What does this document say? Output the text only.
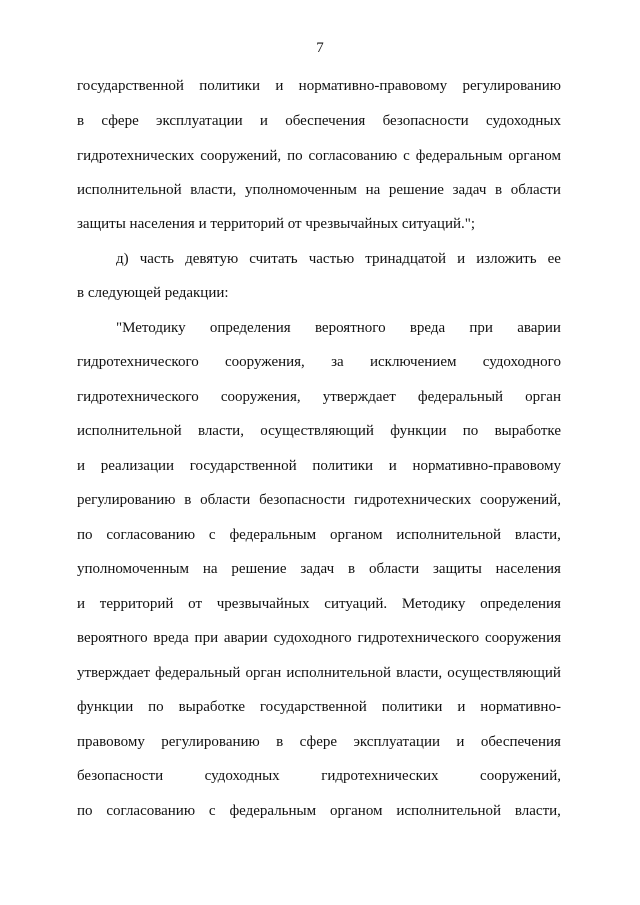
7
государственной политики и нормативно-правовому регулированию
в сфере эксплуатации и обеспечения безопасности судоходных
гидротехнических сооружений, по согласованию с федеральным органом
исполнительной власти, уполномоченным на решение задач в области
защиты населения и территорий от чрезвычайных ситуаций.";
д) часть девятую считать частью тринадцатой и изложить ее
в следующей редакции:
"Методику определения вероятного вреда при аварии
гидротехнического сооружения, за исключением судоходного
гидротехнического сооружения, утверждает федеральный орган
исполнительной власти, осуществляющий функции по выработке
и реализации государственной политики и нормативно-правовому
регулированию в области безопасности гидротехнических сооружений,
по согласованию с федеральным органом исполнительной власти,
уполномоченным на решение задач в области защиты населения
и территорий от чрезвычайных ситуаций. Методику определения
вероятного вреда при аварии судоходного гидротехнического сооружения
утверждает федеральный орган исполнительной власти, осуществляющий
функции по выработке государственной политики и нормативно-
правовому регулированию в сфере эксплуатации и обеспечения
безопасности	судоходных	гидротехнических	сооружений,
по согласованию с федеральным органом исполнительной власти,
